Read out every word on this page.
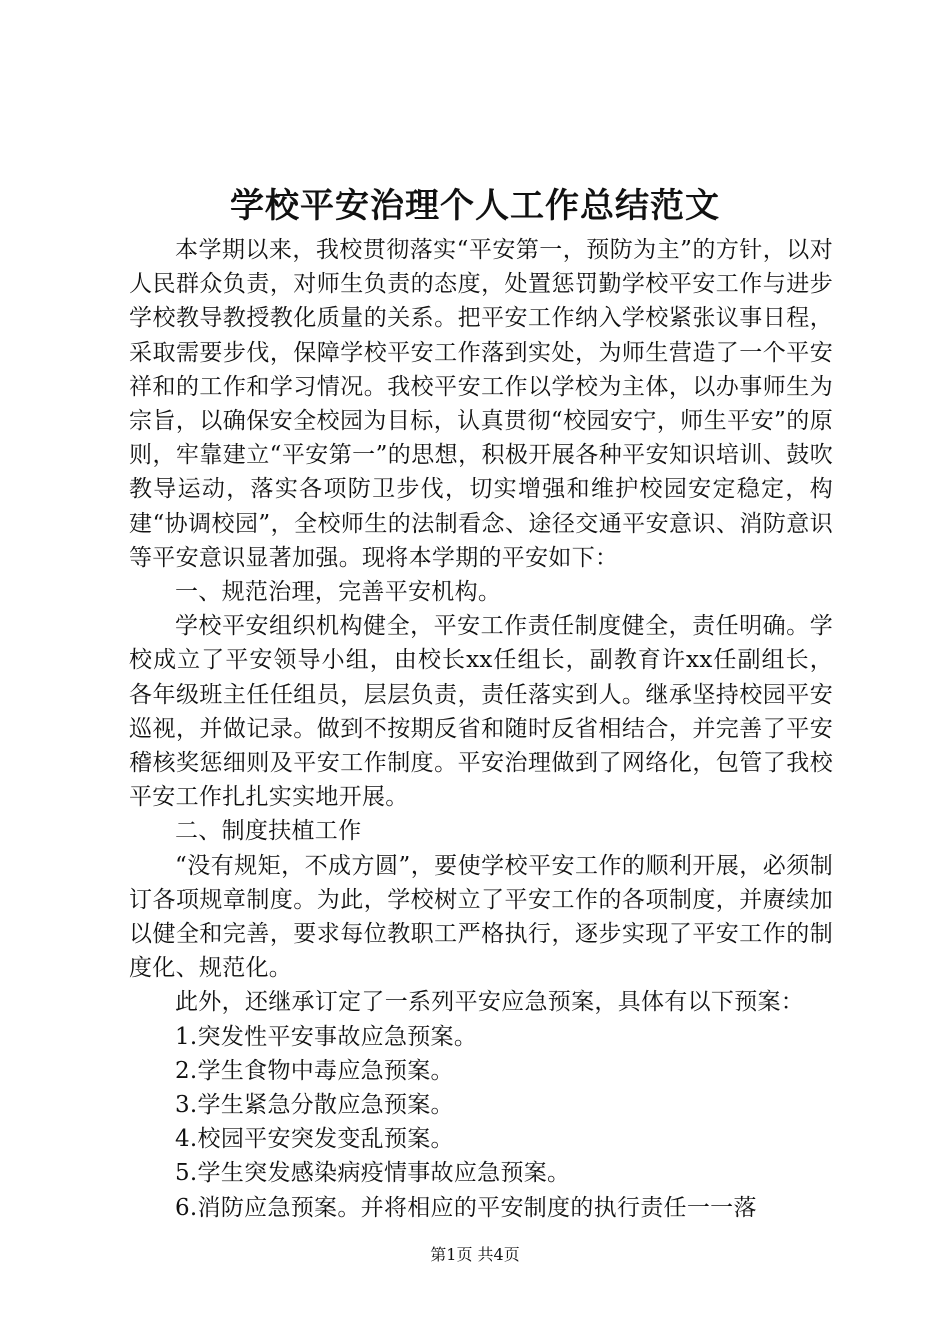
学校平安治理个人工作总结范文

本学期以来，我校贯彻落实“平安第一，预防为主”的方针，以对人民群众负责，对师生负责的态度，处置惩罚勤学校平安工作与进步学校教导教授教化质量的关系。把平安工作纳入学校紧张议事日程，采取需要步伐，保障学校平安工作落到实处，为师生营造了一个平安祥和的工作和学习情况。我校平安工作以学校为主体，以办事师生为宗旨，以确保安全校园为目标，认真贯彻“校园安宁，师生平安”的原则，牢靠建立“平安第一”的思想，积极开展各种平安知识培训、鼓吹教导运动，落实各项防卫步伐，切实增强和维护校园安定稳定，构建“协调校园”，全校师生的法制看念、途径交通平安意识、消防意识等平安意识显著加强。现将本学期的平安如下：

一、规范治理，完善平安机构。

学校平安组织机构健全，平安工作责任制度健全，责任明确。学校成立了平安领导小组，由校长xx任组长，副教育许xx任副组长，各年级班主任任组员，层层负责，责任落实到人。继承坚持校园平安巡视，并做记录。做到不按期反省和随时反省相结合，并完善了平安稽核奖惩细则及平安工作制度。平安治理做到了网络化，包管了我校平安工作扎扎实实地开展。

二、制度扶植工作

“没有规矩，不成方圆”，要使学校平安工作的顺利开展，必须制订各项规章制度。为此，学校树立了平安工作的各项制度，并赓续加以健全和完善，要求每位教职工严格执行，逐步实现了平安工作的制度化、规范化。

此外，还继承订定了一系列平安应急预案，具体有以下预案：

1.突发性平安事故应急预案。

2.学生食物中毒应急预案。

3.学生紧急分散应急预案。

4.校园平安突发变乱预案。

5.学生突发感染病疫情事故应急预案。

6.消防应急预案。并将相应的平安制度的执行责任一一落

第1页 共4页
